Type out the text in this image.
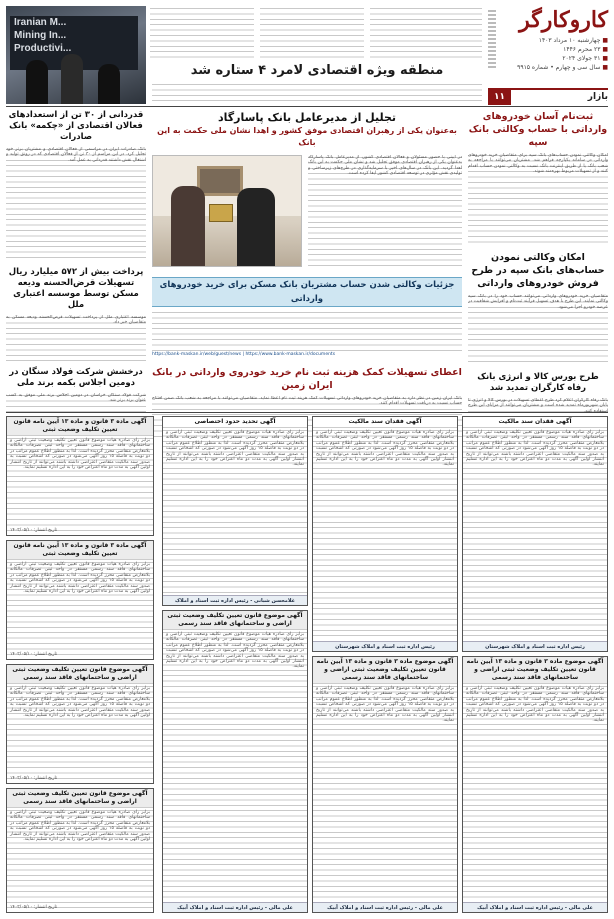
کاروکارگر
■ چهارشنبه ۱۰ مرداد ۱۴۰۳
■ ۲۳ محرم ۱۴۴۶
■ ۳۱ جولای ۲۰۲۴
■ سال سی و چهارم • شماره ۹۹۱۵
بازار
۱۱
منطقه ویژه اقتصادی لامرد ۴ ستاره شد
Iranian M...
Mining In...
Productivi...
ثبت‌نام آسان خودروهای وارداتی با حساب وکالتی بانک سپه
امکان وکالتی نمودن حساب‌های بانک سپه برای متقاضیان خرید خودروهای وارداتی در سامانه یکپارچه فراهم شد. مشتریان می‌توانند با مراجعه به شعب بانک یا از طریق اینترنت بانک نسبت به وکالتی نمودن حساب اقدام کنند و از تسهیلات مربوط بهره‌مند شوند.
امکان وکالتی نمودن حساب‌های بانک سپه در طرح فروش خودروهای وارداتی
متقاضیان خرید خودروهای وارداتی می‌توانند حساب خود را در بانک سپه وکالتی نمایند. این طرح با هدف تسهیل فرآیند ثبت‌نام و افزایش شفافیت در عرضه خودرو اجرا می‌شود.
طرح بورس کالا و انرژی بانک رفاه کارگران تمدید شد
بانک رفاه کارگران اعلام کرد طرح اعطای تسهیلات در بورس کالا و انرژی تا پایان شهریورماه تمدید شده است و مشتریان می‌توانند از مزایای این طرح
تجلیل از مدیرعامل بانک پاسارگاد
به‌عنوان یکی از رهبران اقتصادی موفق کشور و اهدا نشان ملی حکمت به این بانک
در آیینی با حضور مسئولان و فعالان اقتصادی کشور، از مدیرعامل بانک پاسارگاد به‌عنوان یکی از رهبران اقتصادی موفق تجلیل شد و نشان ملی حکمت به این بانک اهدا گردید. این بانک در سال‌های اخیر با سرمایه‌گذاری در طرح‌های زیرساختی و تولیدی نقش مؤثری در توسعه اقتصادی کشور ایفا کرده است.
جزئیات وکالتی شدن حساب مشتریان بانک مسکن برای خرید خودروهای وارداتی
https://bank-maskan.ir/web/guest/news | https://www.bank-maskan.ir/documents
اعطای تسهیلات کمک هزینه ثبت نام خرید خودروی وارداتی در بانک ایران زمین
بانک ایران زمین در نظر دارد به متقاضیان خرید خودروهای وارداتی تسهیلات کمک هزینه ثبت نام اعطا نماید. متقاضیان می‌توانند با مراجعه به شعب بانک ضمن افتتاح حساب نسبت به دریافت تسهیلات اقدام کنند.
قدردانی از ۳۰ تن از استعدادهای فعالان اقتصادی از «چکمه» بانک صادرات
بانک صادرات ایران در مراسمی از فعالان اقتصادی و مشتریان برتر خود تجلیل کرد. در این مراسم از ۳۰ تن از فعالان اقتصادی که در رونق تولید و اشتغال نقش داشتند قدردانی به عمل آمد.
پرداخت بیش از ۵۷۲ میلیارد ریال تسهیلات قرض‌الحسنه ودیعه مسکن توسط موسسه اعتباری ملل
موسسه اعتباری ملل از پرداخت تسهیلات قرض‌الحسنه ودیعه مسکن به متقاضیان خبر داد.
درخشش شرکت فولاد سنگان در دومین اجلاس بکمه برند ملی
شرکت فولاد سنگان خراسان در دومین اجلاس برند ملی موفق به کسب عنوان برند برتر شد.
آگهی فقدان سند مالکیت
برابر رای صادره هیات موضوع قانون تعیین تکلیف وضعیت ثبتی اراضی و ساختمانهای فاقد سند رسمی مستقر در واحد ثبتی تصرفات مالکانه بلامعارض متقاضی محرز گردیده است. لذا به منظور اطلاع عموم مراتب در دو نوبت به فاصله ۱۵ روز آگهی می‌شود در صورتی که اشخاص نسبت به صدور سند مالکیت متقاضی اعتراضی داشته باشند می‌توانند از تاریخ انتشار اولین آگهی به مدت دو ماه اعتراض خود را به این اداره تسلیم نمایند.
رئیس اداره ثبت اسناد و املاک شهرستان
آگهی موضوع ماده ۳ قانون و ماده ۱۳ آیین نامه قانون تعیین تکلیف وضعیت ثبتی اراضی و ساختمانهای فاقد سند رسمی
برابر رای صادره هیات موضوع قانون تعیین تکلیف وضعیت ثبتی اراضی و ساختمانهای فاقد سند رسمی مستقر در واحد ثبتی تصرفات مالکانه بلامعارض متقاضی محرز گردیده است. لذا به منظور اطلاع عموم مراتب در دو نوبت به فاصله ۱۵ روز آگهی می‌شود در صورتی که اشخاص نسبت به صدور سند مالکیت متقاضی اعتراضی داشته باشند می‌توانند از تاریخ انتشار اولین آگهی به مدت دو ماه اعتراض خود را به این اداره تسلیم نمایند.
علی مالی - رئیس اداره ثبت اسناد و املاک آبیک
آگهی فقدان سند مالکیت
برابر رای صادره هیات موضوع قانون تعیین تکلیف وضعیت ثبتی اراضی و ساختمانهای فاقد سند رسمی مستقر در واحد ثبتی تصرفات مالکانه بلامعارض متقاضی محرز گردیده است. لذا به منظور اطلاع عموم مراتب در دو نوبت به فاصله ۱۵ روز آگهی می‌شود در صورتی که اشخاص نسبت به صدور سند مالکیت متقاضی اعتراضی داشته باشند می‌توانند از تاریخ انتشار اولین آگهی به مدت دو ماه اعتراض خود را به این اداره تسلیم نمایند.
رئیس اداره ثبت اسناد و املاک شهرستان
آگهی موضوع ماده ۳ قانون و ماده ۱۳ آیین نامه قانون تعیین تکلیف وضعیت ثبتی اراضی و ساختمانهای فاقد سند رسمی
برابر رای صادره هیات موضوع قانون تعیین تکلیف وضعیت ثبتی اراضی و ساختمانهای فاقد سند رسمی مستقر در واحد ثبتی تصرفات مالکانه بلامعارض متقاضی محرز گردیده است. لذا به منظور اطلاع عموم مراتب در دو نوبت به فاصله ۱۵ روز آگهی می‌شود در صورتی که اشخاص نسبت به صدور سند مالکیت متقاضی اعتراضی داشته باشند می‌توانند از تاریخ انتشار اولین آگهی به مدت دو ماه اعتراض خود را به این اداره تسلیم نمایند.
علی مالی - رئیس اداره ثبت اسناد و املاک آبیک
آگهی تحدید حدود اختصاصی
برابر رای صادره هیات موضوع قانون تعیین تکلیف وضعیت ثبتی اراضی و ساختمانهای فاقد سند رسمی مستقر در واحد ثبتی تصرفات مالکانه بلامعارض متقاضی محرز گردیده است. لذا به منظور اطلاع عموم مراتب در دو نوبت به فاصله ۱۵ روز آگهی می‌شود در صورتی که اشخاص نسبت به صدور سند مالکیت متقاضی اعتراضی داشته باشند می‌توانند از تاریخ انتشار اولین آگهی به مدت دو ماه اعتراض خود را به این اداره تسلیم نمایند.
غلامحسن شبانی - رئیس اداره ثبت اسناد و املاک
آگهی موضوع قانون تعیین تکلیف وضعیت ثبتی اراضی و ساختمانهای فاقد سند رسمی
برابر رای صادره هیات موضوع قانون تعیین تکلیف وضعیت ثبتی اراضی و ساختمانهای فاقد سند رسمی مستقر در واحد ثبتی تصرفات مالکانه بلامعارض متقاضی محرز گردیده است. لذا به منظور اطلاع عموم مراتب در دو نوبت به فاصله ۱۵ روز آگهی می‌شود در صورتی که اشخاص نسبت به صدور سند مالکیت متقاضی اعتراضی داشته باشند می‌توانند از تاریخ انتشار اولین آگهی به مدت دو ماه اعتراض خود را به این اداره تسلیم نمایند.
علی مالی - رئیس اداره ثبت اسناد و املاک آبیک
آگهی ماده ۳ قانون و ماده ۱۳ آیین نامه قانون تعیین تکلیف وضعیت ثبتی
برابر رای صادره هیات موضوع قانون تعیین تکلیف وضعیت ثبتی اراضی و ساختمانهای فاقد سند رسمی مستقر در واحد ثبتی تصرفات مالکانه بلامعارض متقاضی محرز گردیده است. لذا به منظور اطلاع عموم مراتب در دو نوبت به فاصله ۱۵ روز آگهی می‌شود در صورتی که اشخاص نسبت به صدور سند مالکیت متقاضی اعتراضی داشته باشند می‌توانند از تاریخ انتشار اولین آگهی به مدت دو ماه اعتراض خود را به این اداره تسلیم نمایند.
تاریخ انتشار: ۱۴۰۳/۰۵/۱۰
آگهی ماده ۳ قانون و ماده ۱۳ آیین نامه قانون تعیین تکلیف وضعیت ثبتی
برابر رای صادره هیات موضوع قانون تعیین تکلیف وضعیت ثبتی اراضی و ساختمانهای فاقد سند رسمی مستقر در واحد ثبتی تصرفات مالکانه بلامعارض متقاضی محرز گردیده است. لذا به منظور اطلاع عموم مراتب در دو نوبت به فاصله ۱۵ روز آگهی می‌شود در صورتی که اشخاص نسبت به صدور سند مالکیت متقاضی اعتراضی داشته باشند می‌توانند از تاریخ انتشار اولین آگهی به مدت دو ماه اعتراض خود را به این اداره تسلیم نمایند.
تاریخ انتشار: ۱۴۰۳/۰۵/۱۰
آگهی موضوع قانون تعیین تکلیف وضعیت ثبتی اراضی و ساختمانهای فاقد سند رسمی
برابر رای صادره هیات موضوع قانون تعیین تکلیف وضعیت ثبتی اراضی و ساختمانهای فاقد سند رسمی مستقر در واحد ثبتی تصرفات مالکانه بلامعارض متقاضی محرز گردیده است. لذا به منظور اطلاع عموم مراتب در دو نوبت به فاصله ۱۵ روز آگهی می‌شود در صورتی که اشخاص نسبت به صدور سند مالکیت متقاضی اعتراضی داشته باشند می‌توانند از تاریخ انتشار اولین آگهی به مدت دو ماه اعتراض خود را به این اداره تسلیم نمایند.
تاریخ انتشار: ۱۴۰۳/۰۵/۱۰
آگهی موضوع قانون تعیین تکلیف وضعیت ثبتی اراضی و ساختمانهای فاقد سند رسمی
برابر رای صادره هیات موضوع قانون تعیین تکلیف وضعیت ثبتی اراضی و ساختمانهای فاقد سند رسمی مستقر در واحد ثبتی تصرفات مالکانه بلامعارض متقاضی محرز گردیده است. لذا به منظور اطلاع عموم مراتب در دو نوبت به فاصله ۱۵ روز آگهی می‌شود در صورتی که اشخاص نسبت به صدور سند مالکیت متقاضی اعتراضی داشته باشند می‌توانند از تاریخ انتشار اولین آگهی به مدت دو ماه اعتراض خود را به این اداره تسلیم نمایند.
تاریخ انتشار: ۱۴۰۳/۰۵/۱۰
